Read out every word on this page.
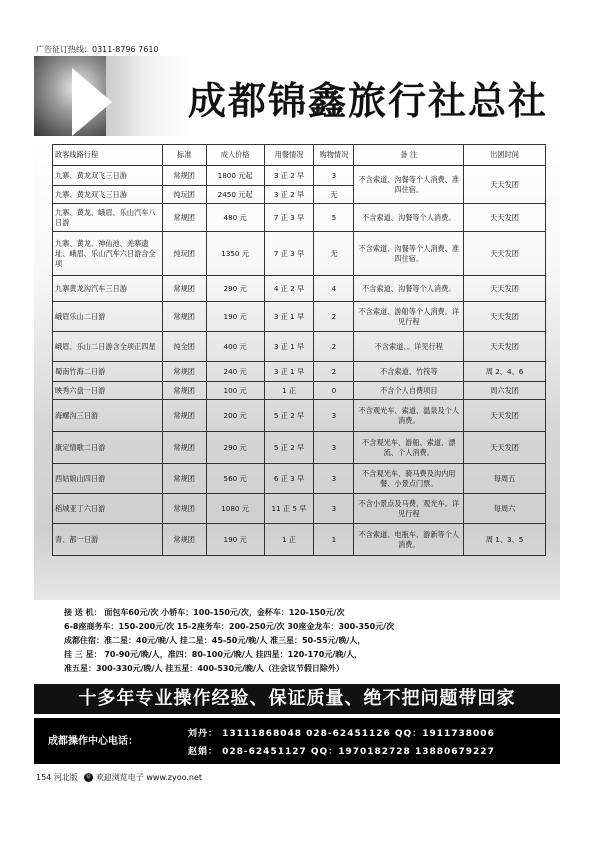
广告征订热线：0311-8796 7610
成都锦鑫旅行社总社
政客线路行程	标准	成人价格	用餐情况	购物情况	备 注	出团时间
九寨、黄龙双飞三日游	常规团	1800 元起	3 正 2 早	3	不含索道、沟餐等个人消费、准四住宿。	天天发团
九寨、黄龙双飞三日游	纯玩团	2450 元起	3 正 2 早	无		
九寨、黄龙、峨眉、乐山汽车八日游	常规团	480 元	7 正 3 早	5	不含索道、沟餐等个人消费。	天天发团
九寨、黄龙、神仙池、羌寨遗址、峨眉、乐山汽车六日游含全项	纯玩团	1350 元	7 正 3 早	无	不含索道、沟餐等个人消费、准四住宿。	天天发团
九寨黄龙沟汽车三日游	常规团	290 元	4 正 2 早	4	不含索道、沟餐等个人消费。	天天发团
峨眉乐山二日游	常规团	190 元	3 正 1 早	2	不含索道、游船等个人消费。详见行程	天天发团
峨眉、乐山二日游含全项正四星	纯全团	400 元	3 正 1 早	2	不含索道、。详见行程	天天发团
蜀南竹海二日游	常规团	240 元	3 正 1 早	2	不含索道、竹筏等	周 2、4、6
映秀六盘一日游	常规团	100 元	1 正	0	不含个人自费项目	周六发团
海螺沟三日游	常规团	200 元	5 正 2 早	3	不含观光车、索道、温泉及个人消费。	天天发团
康定情歌二日游	常规团	290 元	5 正 2 早	3	不含观光车、游船、索道、漂流、个人消费。	天天发团
西姑娘山四日游	常规团	560 元	6 正 3 早	3	不含观光车、骑马费及沟内用餐、小景点门票。	每周五
稻城亚丁六日游	常规团	1080 元	11 正 5 早	3	不含小景点及马费、观光车。详见行程	每周六
青、都一日游	常规团	190 元	1 正	1	不含索道、电瓶车、游新等个人消费。	周 1、3、5
接 送 机： 面包车60元/次 小轿车：100-150元/次，金杯车：120-150元/次
6-8座商务车：150-200元/次 15-2座务车：200-250元/次 30座金龙车：300-350元/次
成都住宿：准二星：40元/晚/人 挂二星：45-50元/晚/人 准三星：50-55元/晚/人，
挂 三 星： 70-90元/晚/人，准四：80-100元/晚/人 挂四星：120-170元/晚/人，
准五星：300-330元/晚/人 挂五星：400-530元/晚/人（注会议节假日除外）
十多年专业操作经验、保证质量、绝不把问题带回家
成都操作中心电话：
刘丹： 13111868048 028-62451126 QQ：1911738006
赵娟： 028-62451127 QQ：1970182728 13880679227
154 河北版 易 欢迎浏览电子 www.zyoo.net
